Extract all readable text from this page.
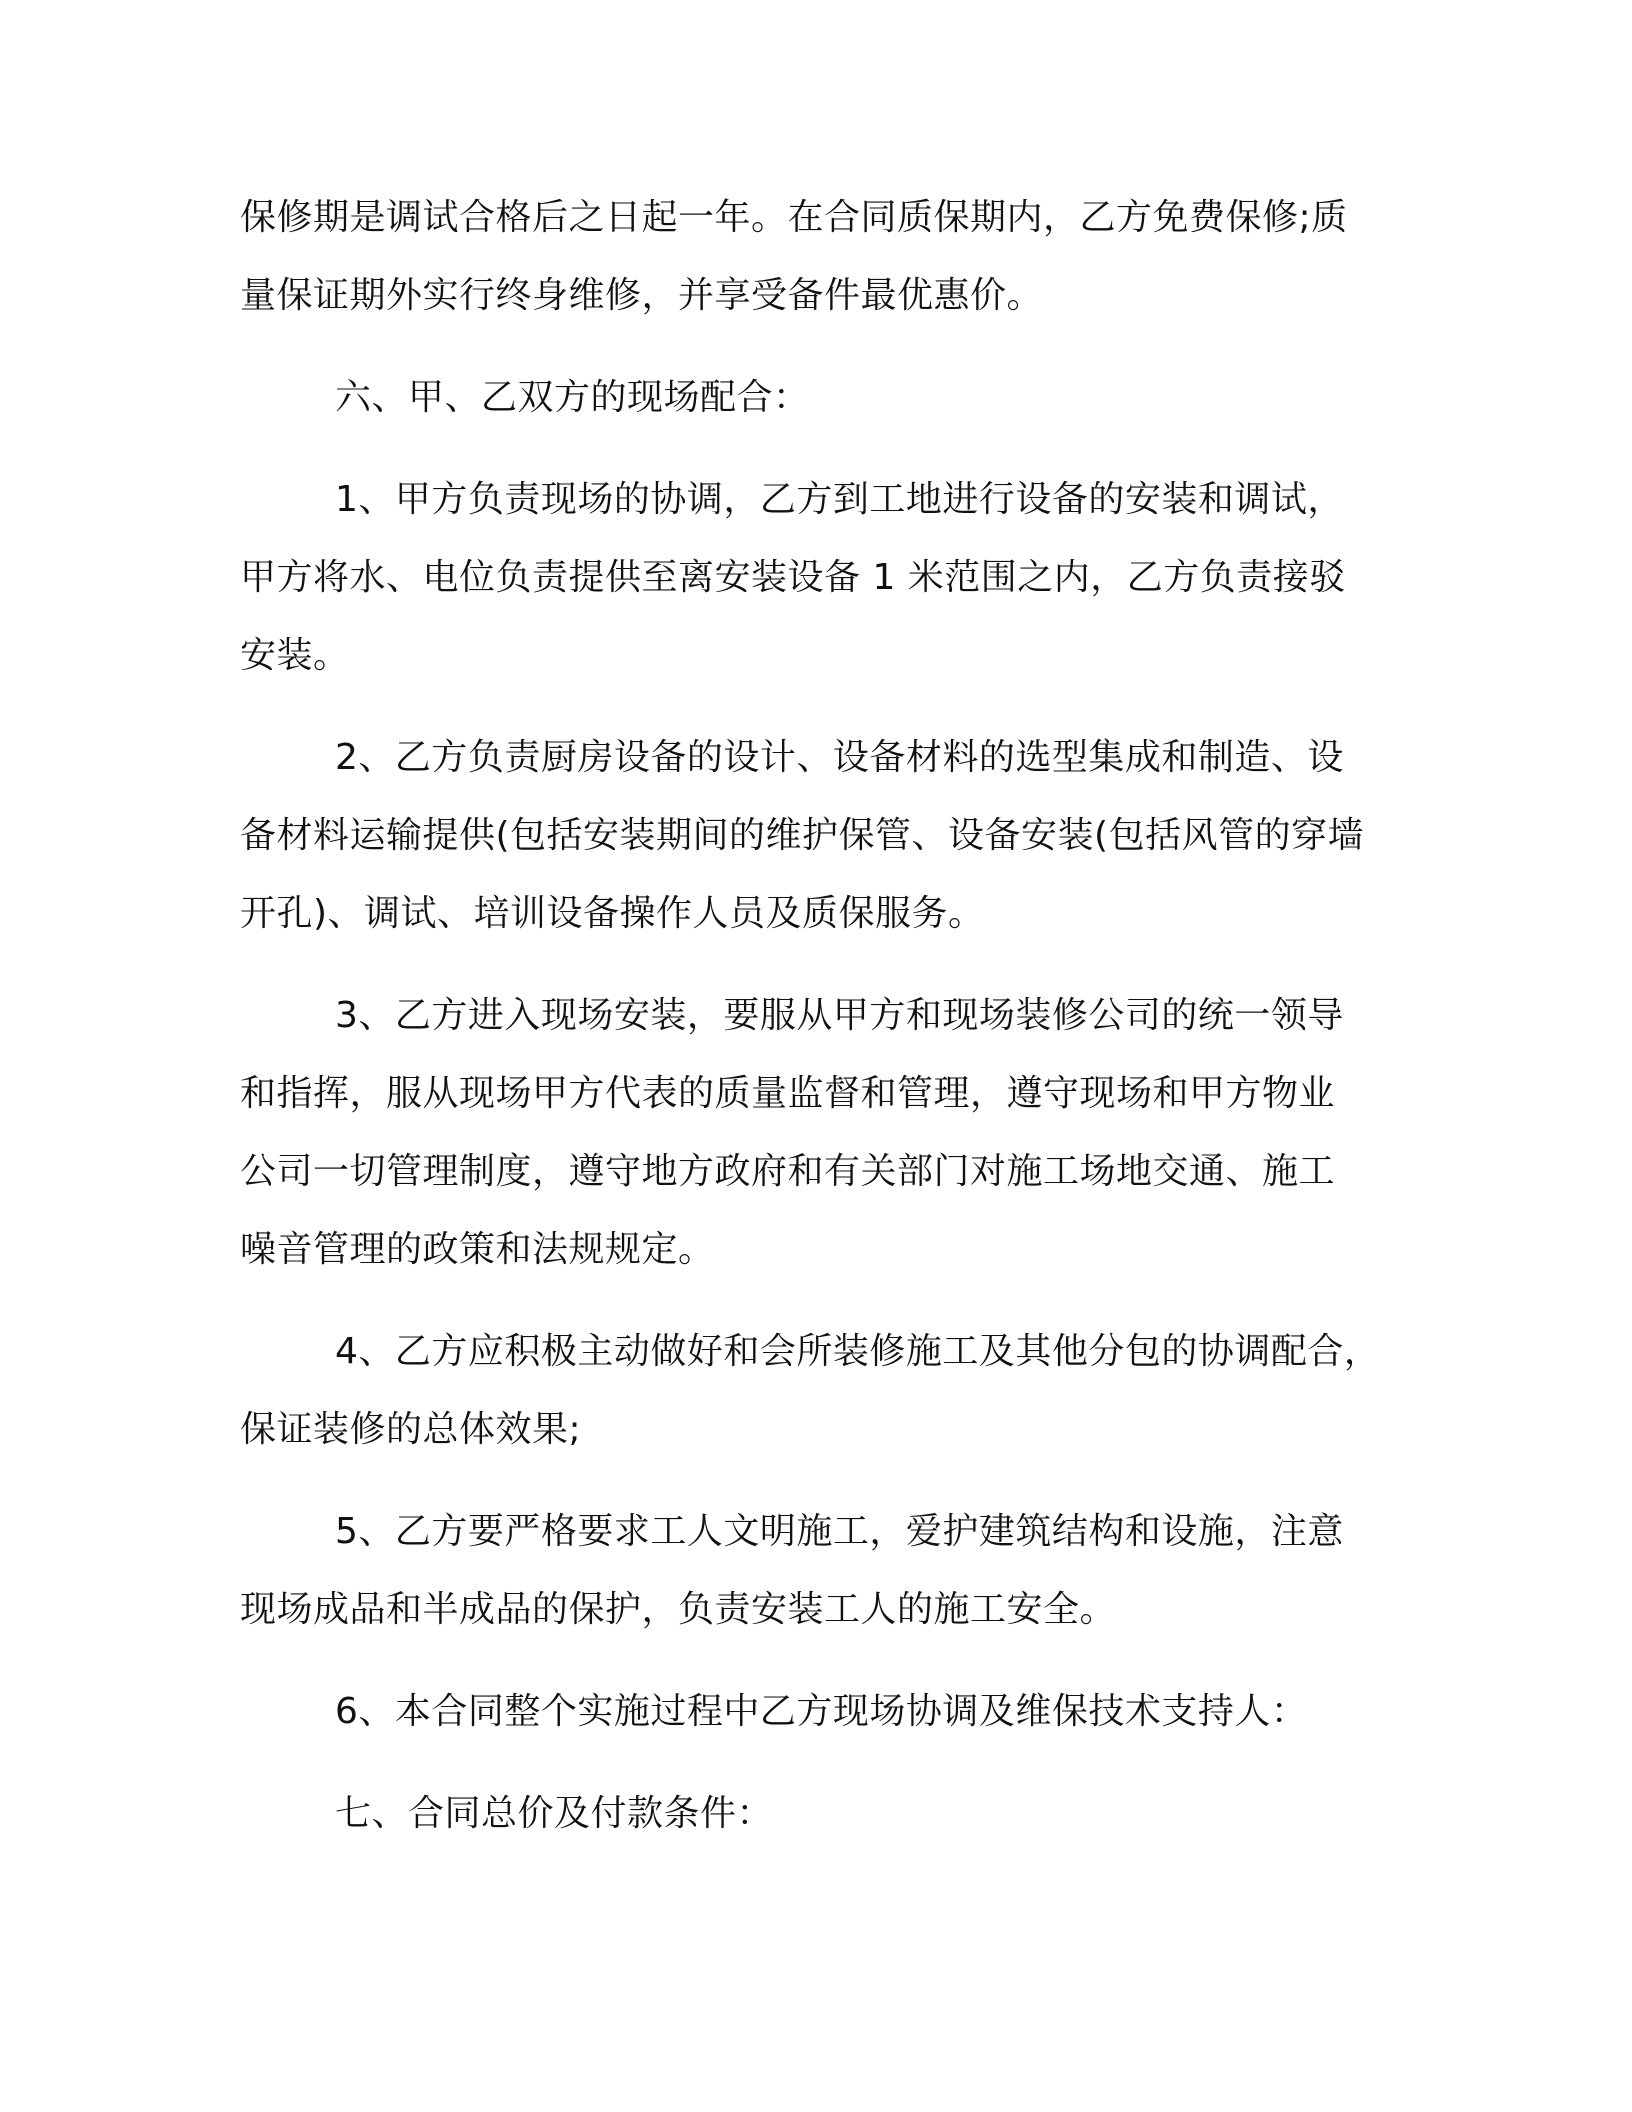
保修期是调试合格后之日起一年。在合同质保期内，乙方免费保修;质

量保证期外实行终身维修，并享受备件最优惠价。

六、甲、乙双方的现场配合：

1、甲方负责现场的协调，乙方到工地进行设备的安装和调试，

甲方将水、电位负责提供至离安装设备 1 米范围之内，乙方负责接驳

安装。

2、乙方负责厨房设备的设计、设备材料的选型集成和制造、设

备材料运输提供(包括安装期间的维护保管、设备安装(包括风管的穿墙

开孔)、调试、培训设备操作人员及质保服务。

3、乙方进入现场安装，要服从甲方和现场装修公司的统一领导

和指挥，服从现场甲方代表的质量监督和管理，遵守现场和甲方物业

公司一切管理制度，遵守地方政府和有关部门对施工场地交通、施工

噪音管理的政策和法规规定。

4、乙方应积极主动做好和会所装修施工及其他分包的协调配合，

保证装修的总体效果;

5、乙方要严格要求工人文明施工，爱护建筑结构和设施，注意

现场成品和半成品的保护，负责安装工人的施工安全。

6、本合同整个实施过程中乙方现场协调及维保技术支持人：

七、合同总价及付款条件：
